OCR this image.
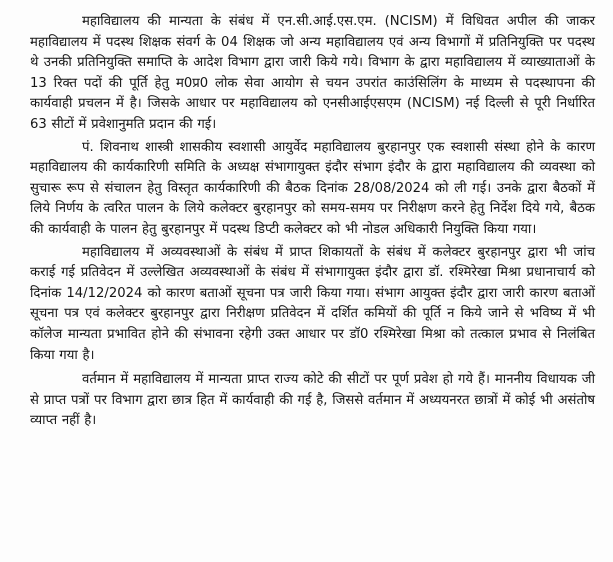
महाविद्यालय की मान्यता के संबंध में एन.सी.आई.एस.एम. (NCISM) में विधिवत अपील की जाकर महाविद्यालय में पदस्थ शिक्षक संवर्ग के 04 शिक्षक जो अन्य महाविद्यालय एवं अन्य विभागों में प्रतिनियुक्ति पर पदस्थ थे उनकी प्रतिनियुक्ति समाप्ति के आदेश विभाग द्वारा जारी किये गये। विभाग के द्वारा महाविद्यालय में व्याख्याताओं के 13 रिक्त पदों की पूर्ति हेतु म0प्र0 लोक सेवा आयोग से चयन उपरांत काउंसिलिंग के माध्यम से पदस्थापना की कार्यवाही प्रचलन में है। जिसके आधार पर महाविद्यालय को एनसीआईएसएम (NCISM) नई दिल्ली से पूरी निर्धारित 63 सीटों में प्रवेशानुमति प्रदान की गई।

पं. शिवनाथ शास्त्री शासकीय स्वशासी आयुर्वेद महाविद्यालय बुरहानपुर एक स्वशासी संस्था होने के कारण महाविद्यालय की कार्यकारिणी समिति के अध्यक्ष संभागायुक्त इंदौर संभाग इंदौर के द्वारा महाविद्यालय की व्यवस्था को सुचारू रूप से संचालन हेतु विस्तृत कार्यकारिणी की बैठक दिनांक 28/08/2024 को ली गई। उनके द्वारा बैठकों में लिये निर्णय के त्वरित पालन के लिये कलेक्टर बुरहानपुर को समय-समय पर निरीक्षण करने हेतु निर्देश दिये गये, बैठक की कार्यवाही के पालन हेतु बुरहानपुर में पदस्थ डिप्टी कलेक्टर को भी नोडल अधिकारी नियुक्ति किया गया।

महाविद्यालय में अव्यवस्थाओं के संबंध में प्राप्त शिकायतों के संबंध में कलेक्टर बुरहानपुर द्वारा भी जांच कराई गई प्रतिवेदन में उल्लेखित अव्यवस्थाओं के संबंध में संभागायुक्त इंदौर द्वारा डॉ. रश्मिरेखा मिश्रा प्रधानाचार्य को दिनांक 14/12/2024 को कारण बताओं सूचना पत्र जारी किया गया। संभाग आयुक्त इंदौर द्वारा जारी कारण बताओं सूचना पत्र एवं कलेक्टर बुरहानपुर द्वारा निरीक्षण प्रतिवेदन में दर्शित कमियों की पूर्ति न किये जाने से भविष्य में भी कॉलेज मान्यता प्रभावित होने की संभावना रहेगी उक्त आधार पर डॉ0 रश्मिरेखा मिश्रा को तत्काल प्रभाव से निलंबित किया गया है।

वर्तमान में महाविद्यालय में मान्यता प्राप्त राज्य कोटे की सीटों पर पूर्ण प्रवेश हो गये हैं। माननीय विधायक जी से प्राप्त पत्रों पर विभाग द्वारा छात्र हित में कार्यवाही की गई है, जिससे वर्तमान में अध्ययनरत छात्रों में कोई भी असंतोष व्याप्त नहीं है।
